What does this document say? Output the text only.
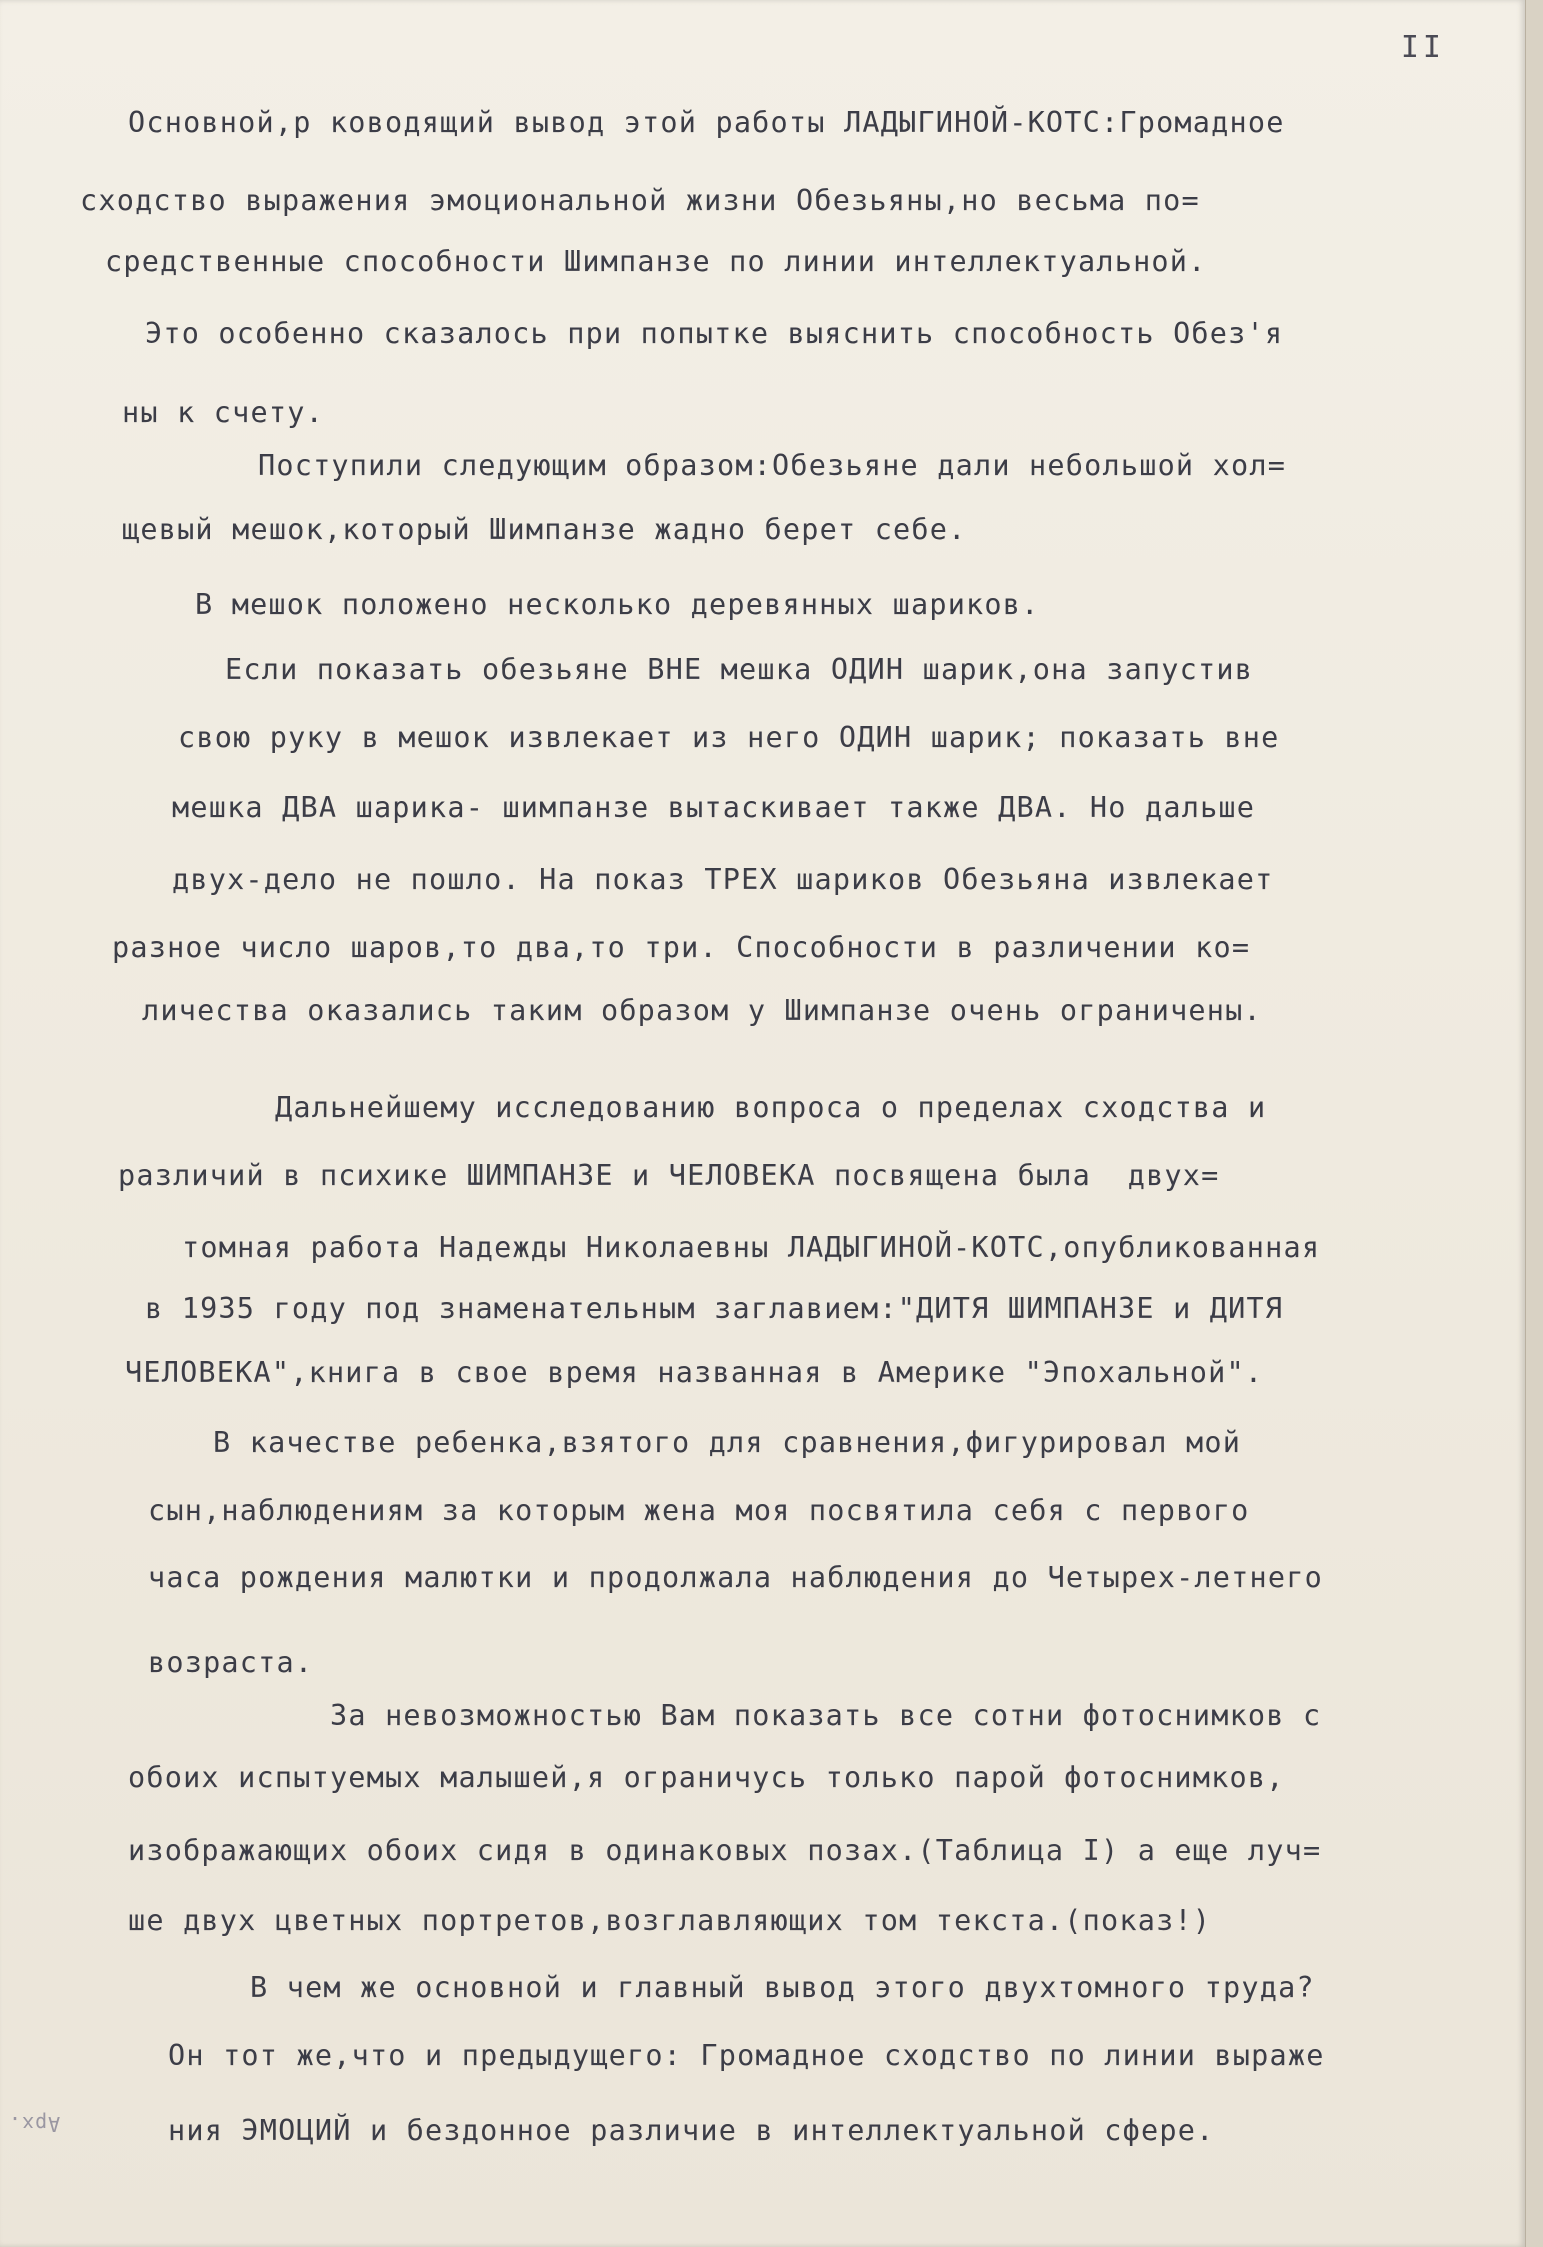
II
Основной,р ководящий вывод этой работы ЛАДЫГИНОЙ-КОТС:Громадное
сходство выражения эмоциональной жизни Обезьяны,но весьма по=
средственные способности Шимпанзе по линии интеллектуальной.
Это особенно сказалось при попытке выяснить способность Обез'я
ны к счету.
Поступили следующим образом:Обезьяне дали небольшой хол=
щевый мешок,который Шимпанзе жадно берет себе.
В мешок положено несколько деревянных шариков.
Если показать обезьяне ВНЕ мешка ОДИН шарик,она запустив
свою руку в мешок извлекает из него ОДИН шарик; показать вне
мешка ДВА шарика- шимпанзе вытаскивает также ДВА. Но дальше
двух-дело не пошло. На показ ТРЕХ шариков Обезьяна извлекает
разное число шаров,то два,то три. Способности в различении ко=
личества оказались таким образом у Шимпанзе очень ограничены.
Дальнейшему исследованию вопроса о пределах сходства и
различий в психике ШИМПАНЗЕ и ЧЕЛОВЕКА посвящена была  двух=
томная работа Надежды Николаевны ЛАДЫГИНОЙ-КОТС,опубликованная
в 1935 году под знаменательным заглавием:"ДИТЯ ШИМПАНЗЕ и ДИТЯ
ЧЕЛОВЕКА",книга в свое время названная в Америке "Эпохальной".
В качестве ребенка,взятого для сравнения,фигурировал мой
сын,наблюдениям за которым жена моя посвятила себя с первого
часа рождения малютки и продолжала наблюдения до Четырех-летнего
возраста.
За невозможностью Вам показать все сотни фотоснимков с
обоих испытуемых малышей,я ограничусь только парой фотоснимков,
изображающих обоих сидя в одинаковых позах.(Таблица I) а еще луч=
ше двух цветных портретов,возглавляющих том текста.(показ!)
В чем же основной и главный вывод этого двухтомного труда?
Он тот же,что и предыдущего: Громадное сходство по линии выраже
ния ЭМОЦИЙ и бездонное различие в интеллектуальной сфере.
Арх.
